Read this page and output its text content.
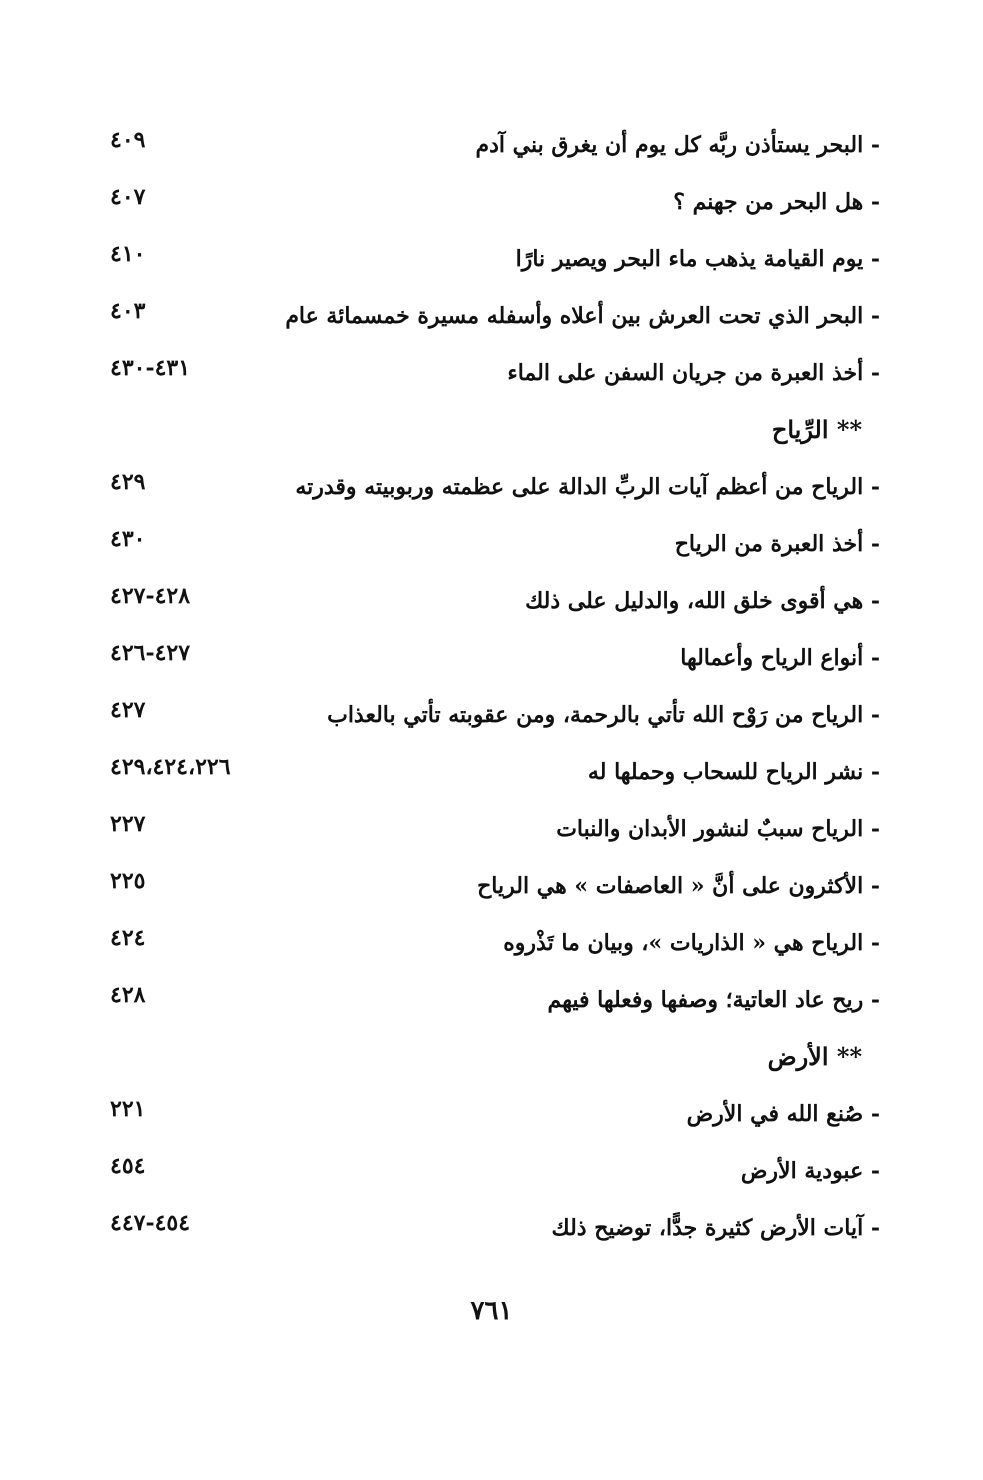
- البحر يستأذن ربَّه كل يوم أن يغرق بني آدم
٤٠٩
- هل البحر من جهنم ؟
٤٠٧
- يوم القيامة يذهب ماء البحر ويصير نارًا
٤١٠
- البحر الذي تحت العرش بين أعلاه وأسفله مسيرة خمسمائة عام
٤٠٣
- أخذ العبرة من جريان السفن على الماء
٤٣١-٤٣٠
** الرِّياح
- الرياح من أعظم آيات الربِّ الدالة على عظمته وربوبيته وقدرته
٤٢٩
- أخذ العبرة من الرياح
٤٣٠
- هي أقوى خلق الله، والدليل على ذلك
٤٢٨-٤٢٧
- أنواع الرياح وأعمالها
٤٢٧-٤٢٦
- الرياح من رَوْح الله تأتي بالرحمة، ومن عقوبته تأتي بالعذاب
٤٢٧
- نشر الرياح للسحاب وحملها له
٤٢٩،٤٢٤،٢٢٦
- الرياح سببٌ لنشور الأبدان والنبات
٢٢٧
- الأكثرون على أنَّ « العاصفات » هي الرياح
٢٢٥
- الرياح هي « الذاريات »، وبيان ما تَذْروه
٤٢٤
- ريح عاد العاتية؛ وصفها وفعلها فيهم
٤٢٨
** الأرض
- صُنع الله في الأرض
٢٢١
- عبودية الأرض
٤٥٤
- آيات الأرض كثيرة جدًّا، توضيح ذلك
٤٥٤-٤٤٧
٧٦١
